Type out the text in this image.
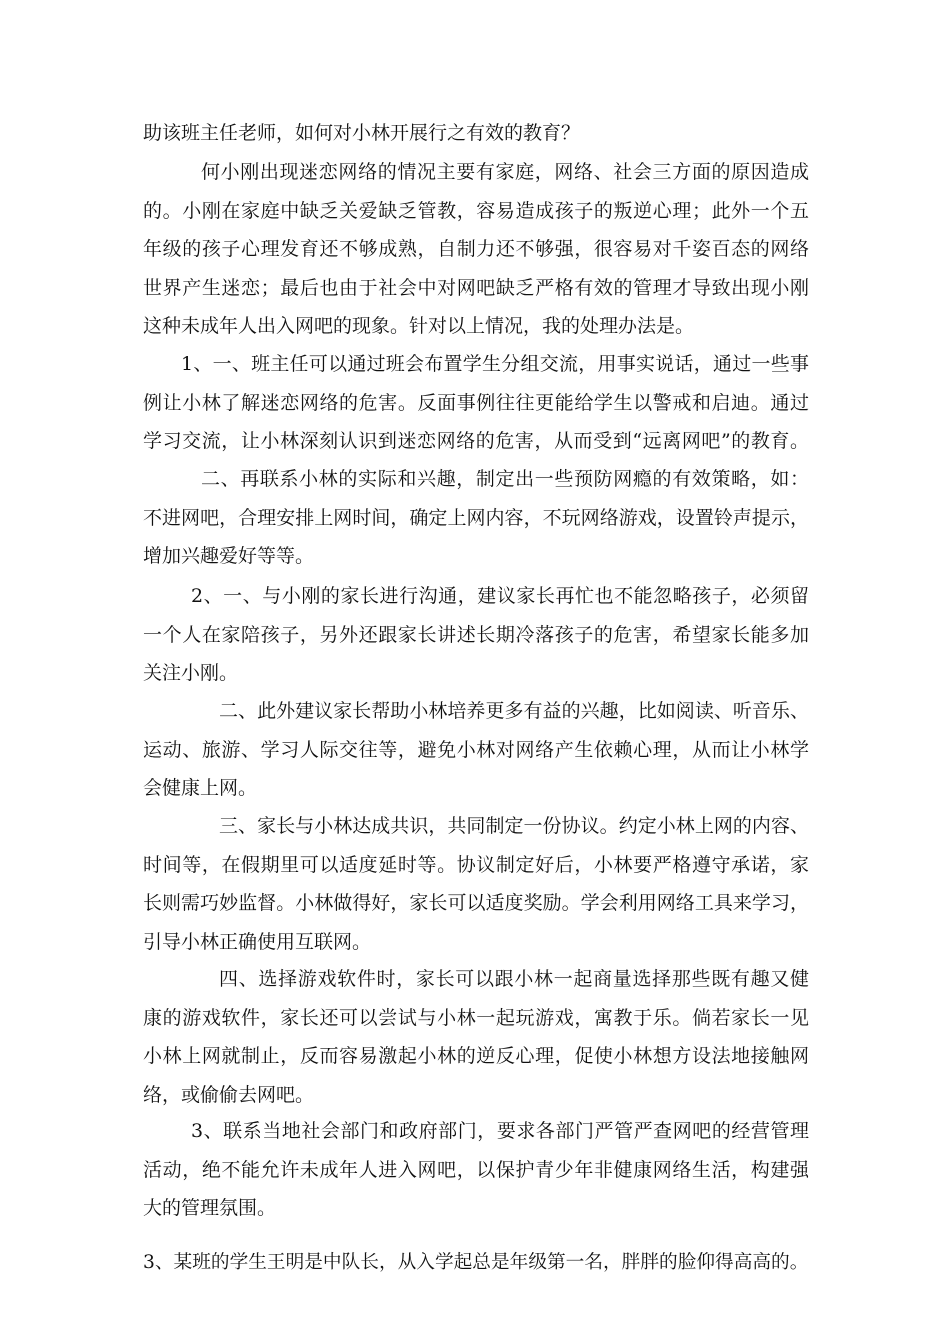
助该班主任老师，如何对小林开展行之有效的教育？

何小刚出现迷恋网络的情况主要有家庭，网络、社会三方面的原因造成
的。小刚在家庭中缺乏关爱缺乏管教，容易造成孩子的叛逆心理；此外一个五
年级的孩子心理发育还不够成熟，自制力还不够强，很容易对千姿百态的网络
世界产生迷恋；最后也由于社会中对网吧缺乏严格有效的管理才导致出现小刚
这种未成年人出入网吧的现象。针对以上情况，我的处理办法是。

1、一、班主任可以通过班会布置学生分组交流，用事实说话，通过一些事
例让小林了解迷恋网络的危害。反面事例往往更能给学生以警戒和启迪。通过
学习交流，让小林深刻认识到迷恋网络的危害，从而受到“远离网吧”的教育。

二、再联系小林的实际和兴趣，制定出一些预防网瘾的有效策略，如：
不进网吧，合理安排上网时间，确定上网内容，不玩网络游戏，设置铃声提示，
增加兴趣爱好等等。

2、一、与小刚的家长进行沟通，建议家长再忙也不能忽略孩子，必须留
一个人在家陪孩子，另外还跟家长讲述长期冷落孩子的危害，希望家长能多加
关注小刚。

二、此外建议家长帮助小林培养更多有益的兴趣，比如阅读、听音乐、
运动、旅游、学习人际交往等，避免小林对网络产生依赖心理，从而让小林学
会健康上网。

三、家长与小林达成共识，共同制定一份协议。约定小林上网的内容、
时间等，在假期里可以适度延时等。协议制定好后，小林要严格遵守承诺，家
长则需巧妙监督。小林做得好，家长可以适度奖励。学会利用网络工具来学习，
引导小林正确使用互联网。

四、选择游戏软件时，家长可以跟小林一起商量选择那些既有趣又健
康的游戏软件，家长还可以尝试与小林一起玩游戏，寓教于乐。倘若家长一见
小林上网就制止，反而容易激起小林的逆反心理，促使小林想方设法地接触网
络，或偷偷去网吧。

3、联系当地社会部门和政府部门，要求各部门严管严查网吧的经营管理
活动，绝不能允许未成年人进入网吧，以保护青少年非健康网络生活，构建强
大的管理氛围。

3、某班的学生王明是中队长，从入学起总是年级第一名，胖胖的脸仰得高高的。
